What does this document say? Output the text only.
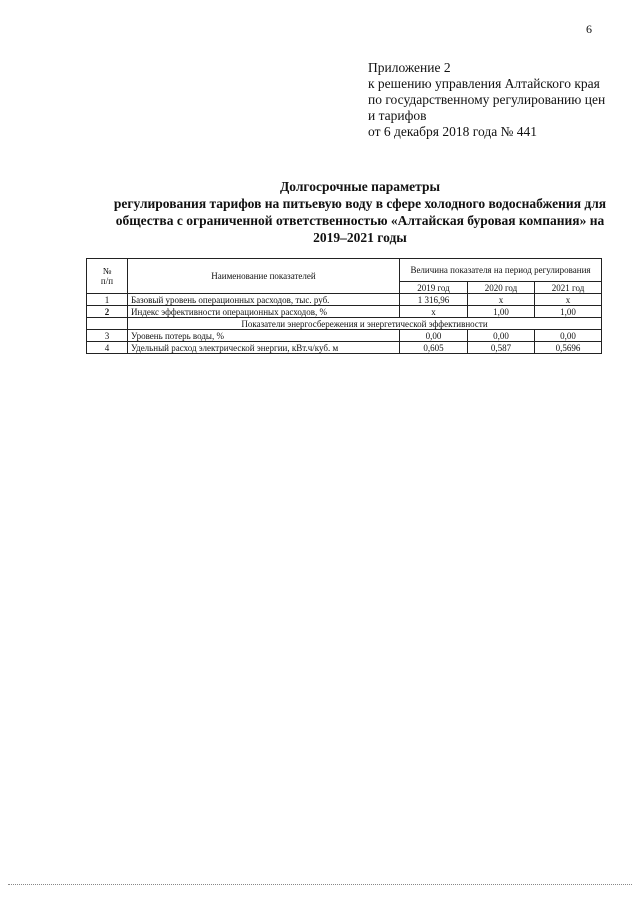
6
Приложение 2
к решению управления Алтайского края
по государственному регулированию цен
и тарифов
от 6 декабря 2018 года № 441
Долгосрочные параметры
регулирования тарифов на питьевую воду в сфере холодного водоснабжения для
общества с ограниченной ответственностью «Алтайская буровая компания» на
2019–2021 годы
№
п/п	Наименование показателей	Величина показателя на период регулирования		
		2019 год	2020 год	2021 год
1	Базовый уровень операционных расходов, тыс. руб.	1 316,96	х	х
2	Индекс эффективности операционных расходов, %	х	1,00	1,00
	Показатели энергосбережения и энергетической эффективности			
3	Уровень потерь воды, %	0,00	0,00	0,00
4	Удельный расход электрической энергии, кВт.ч/куб. м	0,605	0,587	0,5696
